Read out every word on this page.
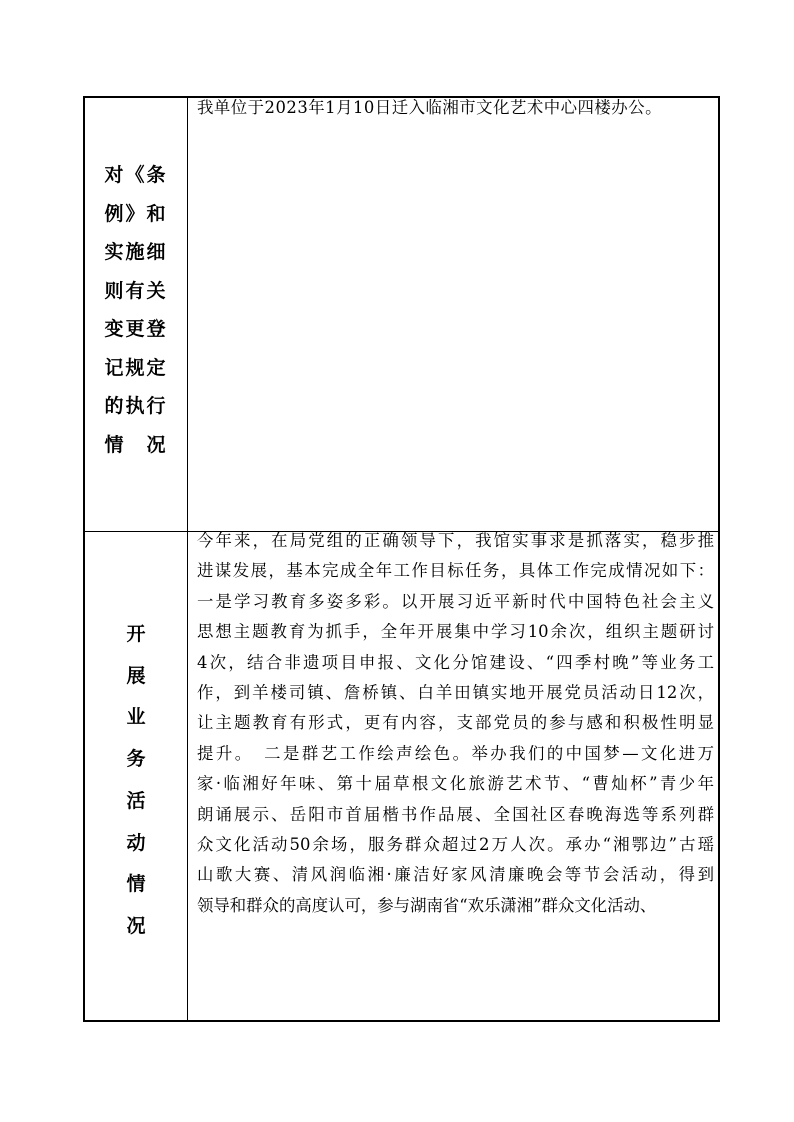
对《条
例》和
实施细
则有关
变更登
记规定
的执行
情　况
我单位于2023年1月10日迁入临湘市文化艺术中心四楼办公。
开
展
业
务
活
动
情
况
今年来，在局党组的正确领导下，我馆实事求是抓落实，稳步推
进谋发展，基本完成全年工作目标任务，具体工作完成情况如下：
一是学习教育多姿多彩。以开展习近平新时代中国特色社会主义
思想主题教育为抓手，全年开展集中学习10余次，组织主题研讨
4次，结合非遗项目申报、文化分馆建设、“四季村晚”等业务工
作，到羊楼司镇、詹桥镇、白羊田镇实地开展党员活动日12次，
让主题教育有形式，更有内容，支部党员的参与感和积极性明显
提升。　二是群艺工作绘声绘色。举办我们的中国梦—文化进万
家·临湘好年味、第十届草根文化旅游艺术节、“曹灿杯”青少年
朗诵展示、岳阳市首届楷书作品展、全国社区春晚海选等系列群
众文化活动50余场，服务群众超过2万人次。承办“湘鄂边”古瑶
山歌大赛、清风润临湘·廉洁好家风清廉晚会等节会活动，得到
领导和群众的高度认可，参与湖南省“欢乐潇湘”群众文化活动、
